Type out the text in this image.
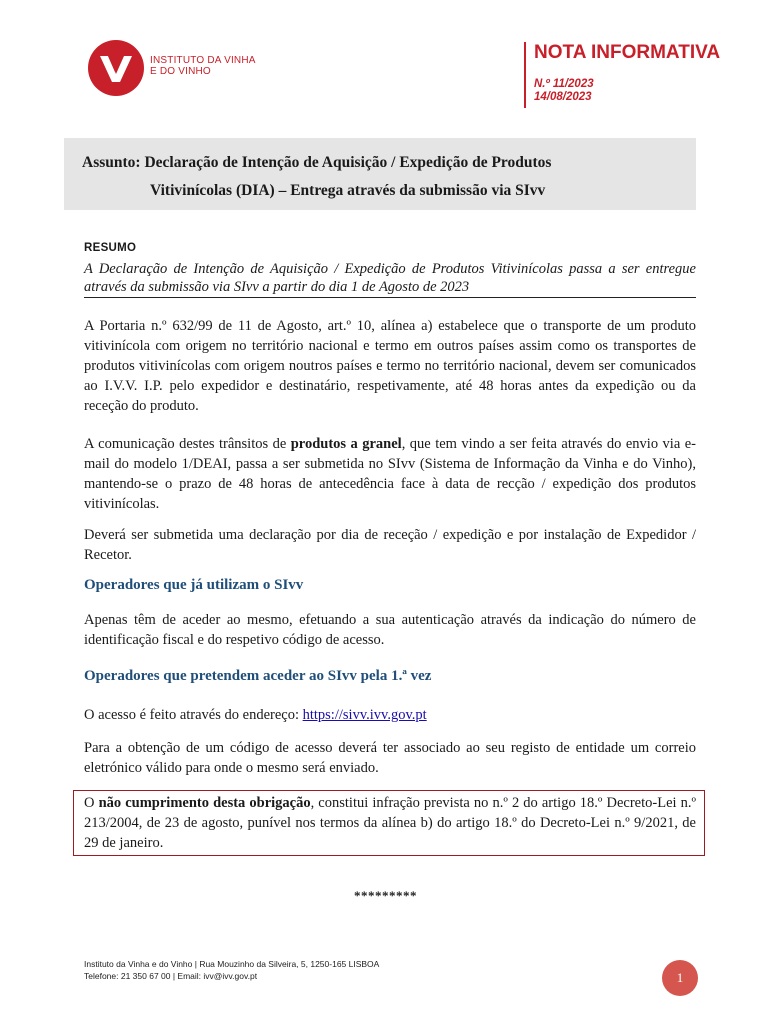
INSTITUTO DA VINHA
E DO VINHO
NOTA INFORMATIVA
N.º 11/2023
14/08/2023
Assunto: Declaração de Intenção de Aquisição / Expedição de Produtos
Vitivinícolas (DIA) – Entrega através da submissão via SIvv
RESUMO
A Declaração de Intenção de Aquisição / Expedição de Produtos Vitivinícolas passa a ser entregue através da submissão via SIvv a partir do dia 1 de Agosto de 2023
A Portaria n.º 632/99 de 11 de Agosto, art.º 10, alínea a) estabelece que o transporte de um produto vitivinícola com origem no território nacional e termo em outros países assim como os transportes de produtos vitivinícolas com origem noutros países e termo no território nacional, devem ser comunicados ao I.V.V. I.P. pelo expedidor e destinatário, respetivamente, até 48 horas antes da expedição ou da receção do produto.
A comunicação destes trânsitos de produtos a granel, que tem vindo a ser feita através do envio via e-mail do modelo 1/DEAI, passa a ser submetida no SIvv (Sistema de Informação da Vinha e do Vinho), mantendo-se o prazo de 48 horas de antecedência face à data de recção / expedição dos produtos vitivinícolas.
Deverá ser submetida uma declaração por dia de receção / expedição e por instalação de Expedidor / Recetor.
Operadores que já utilizam o SIvv
Apenas têm de aceder ao mesmo, efetuando a sua autenticação através da indicação do número de identificação fiscal e do respetivo código de acesso.
Operadores que pretendem aceder ao SIvv pela 1.ª vez
O acesso é feito através do endereço: https://sivv.ivv.gov.pt
Para a obtenção de um código de acesso deverá ter associado ao seu registo de entidade um correio eletrónico válido para onde o mesmo será enviado.
O não cumprimento desta obrigação, constitui infração prevista no n.º 2 do artigo 18.º Decreto-Lei n.º 213/2004, de 23 de agosto, punível nos termos da alínea b) do artigo 18.º do Decreto-Lei n.º 9/2021, de 29 de janeiro.
*********
Instituto da Vinha e do Vinho | Rua Mouzinho da Silveira, 5, 1250-165 LISBOA
Telefone: 21 350 67 00 | Email: ivv@ivv.gov.pt	1
